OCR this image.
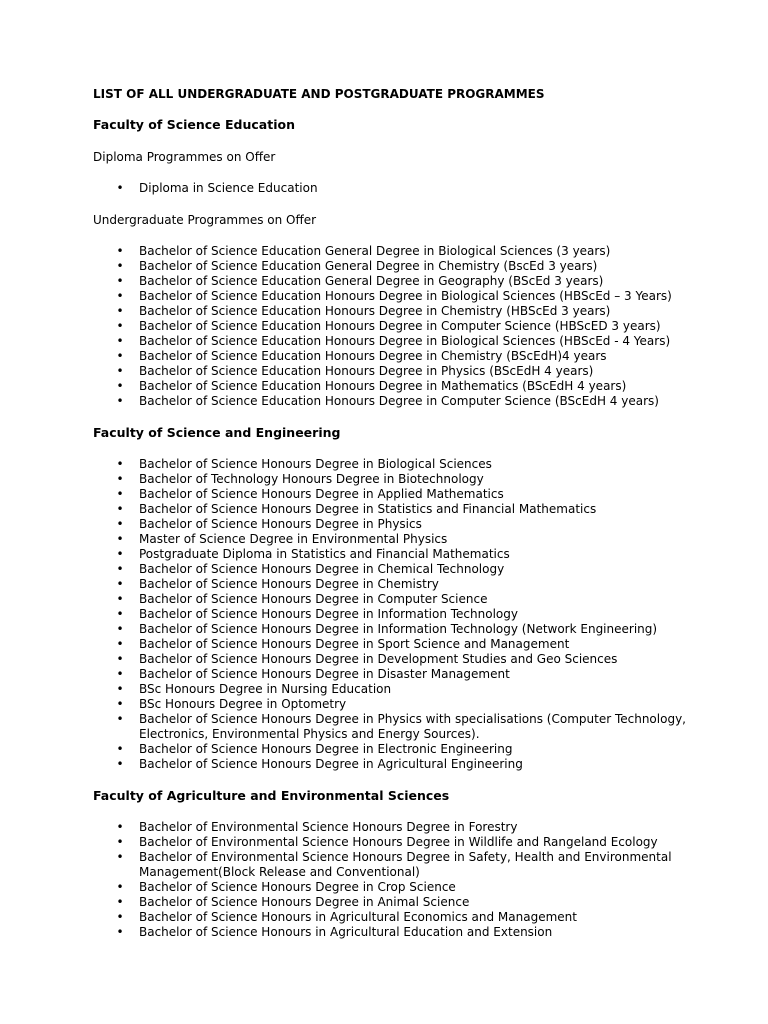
LIST OF ALL UNDERGRADUATE AND POSTGRADUATE PROGRAMMES
Faculty of Science Education
Diploma Programmes on Offer
• Diploma in Science Education
Undergraduate Programmes on Offer
• Bachelor of Science Education General Degree in Biological Sciences (3 years)
• Bachelor of Science Education General Degree in Chemistry (BscEd 3 years)
• Bachelor of Science Education General Degree in Geography (BScEd 3 years)
• Bachelor of Science Education Honours Degree in Biological Sciences (HBScEd – 3 Years)
• Bachelor of Science Education Honours Degree in Chemistry (HBScEd 3 years)
• Bachelor of Science Education Honours Degree in Computer Science (HBScED 3 years)
• Bachelor of Science Education Honours Degree in Biological Sciences (HBScEd - 4 Years)
• Bachelor of Science Education Honours Degree in Chemistry (BScEdH)4 years
• Bachelor of Science Education Honours Degree in Physics (BScEdH 4 years)
• Bachelor of Science Education Honours Degree in Mathematics (BScEdH 4 years)
• Bachelor of Science Education Honours Degree in Computer Science (BScEdH 4 years)
Faculty of Science and Engineering
• Bachelor of Science Honours Degree in Biological Sciences
• Bachelor of Technology Honours Degree in Biotechnology
• Bachelor of Science Honours Degree in Applied Mathematics
• Bachelor of Science Honours Degree in Statistics and Financial Mathematics
• Bachelor of Science Honours Degree in Physics
• Master of Science Degree in Environmental Physics
• Postgraduate Diploma in Statistics and Financial Mathematics
• Bachelor of Science Honours Degree in Chemical Technology
• Bachelor of Science Honours Degree in Chemistry
• Bachelor of Science Honours Degree in Computer Science
• Bachelor of Science Honours Degree in Information Technology
• Bachelor of Science Honours Degree in Information Technology (Network Engineering)
• Bachelor of Science Honours Degree in Sport Science and Management
• Bachelor of Science Honours Degree in Development Studies and Geo Sciences
• Bachelor of Science Honours Degree in Disaster Management
• BSc Honours Degree in Nursing Education
• BSc Honours Degree in Optometry
• Bachelor of Science Honours Degree in Physics with specialisations (Computer Technology, Electronics, Environmental Physics and Energy Sources).
• Bachelor of Science Honours Degree in Electronic Engineering
• Bachelor of Science Honours Degree in Agricultural Engineering
Faculty of Agriculture and Environmental Sciences
• Bachelor of Environmental Science Honours Degree in Forestry
• Bachelor of Environmental Science Honours Degree in Wildlife and Rangeland Ecology
• Bachelor of Environmental Science Honours Degree in Safety, Health and Environmental Management(Block Release and Conventional)
• Bachelor of Science Honours Degree in Crop Science
• Bachelor of Science Honours Degree in Animal Science
• Bachelor of Science Honours in Agricultural Economics and Management
• Bachelor of Science Honours in Agricultural Education and Extension
